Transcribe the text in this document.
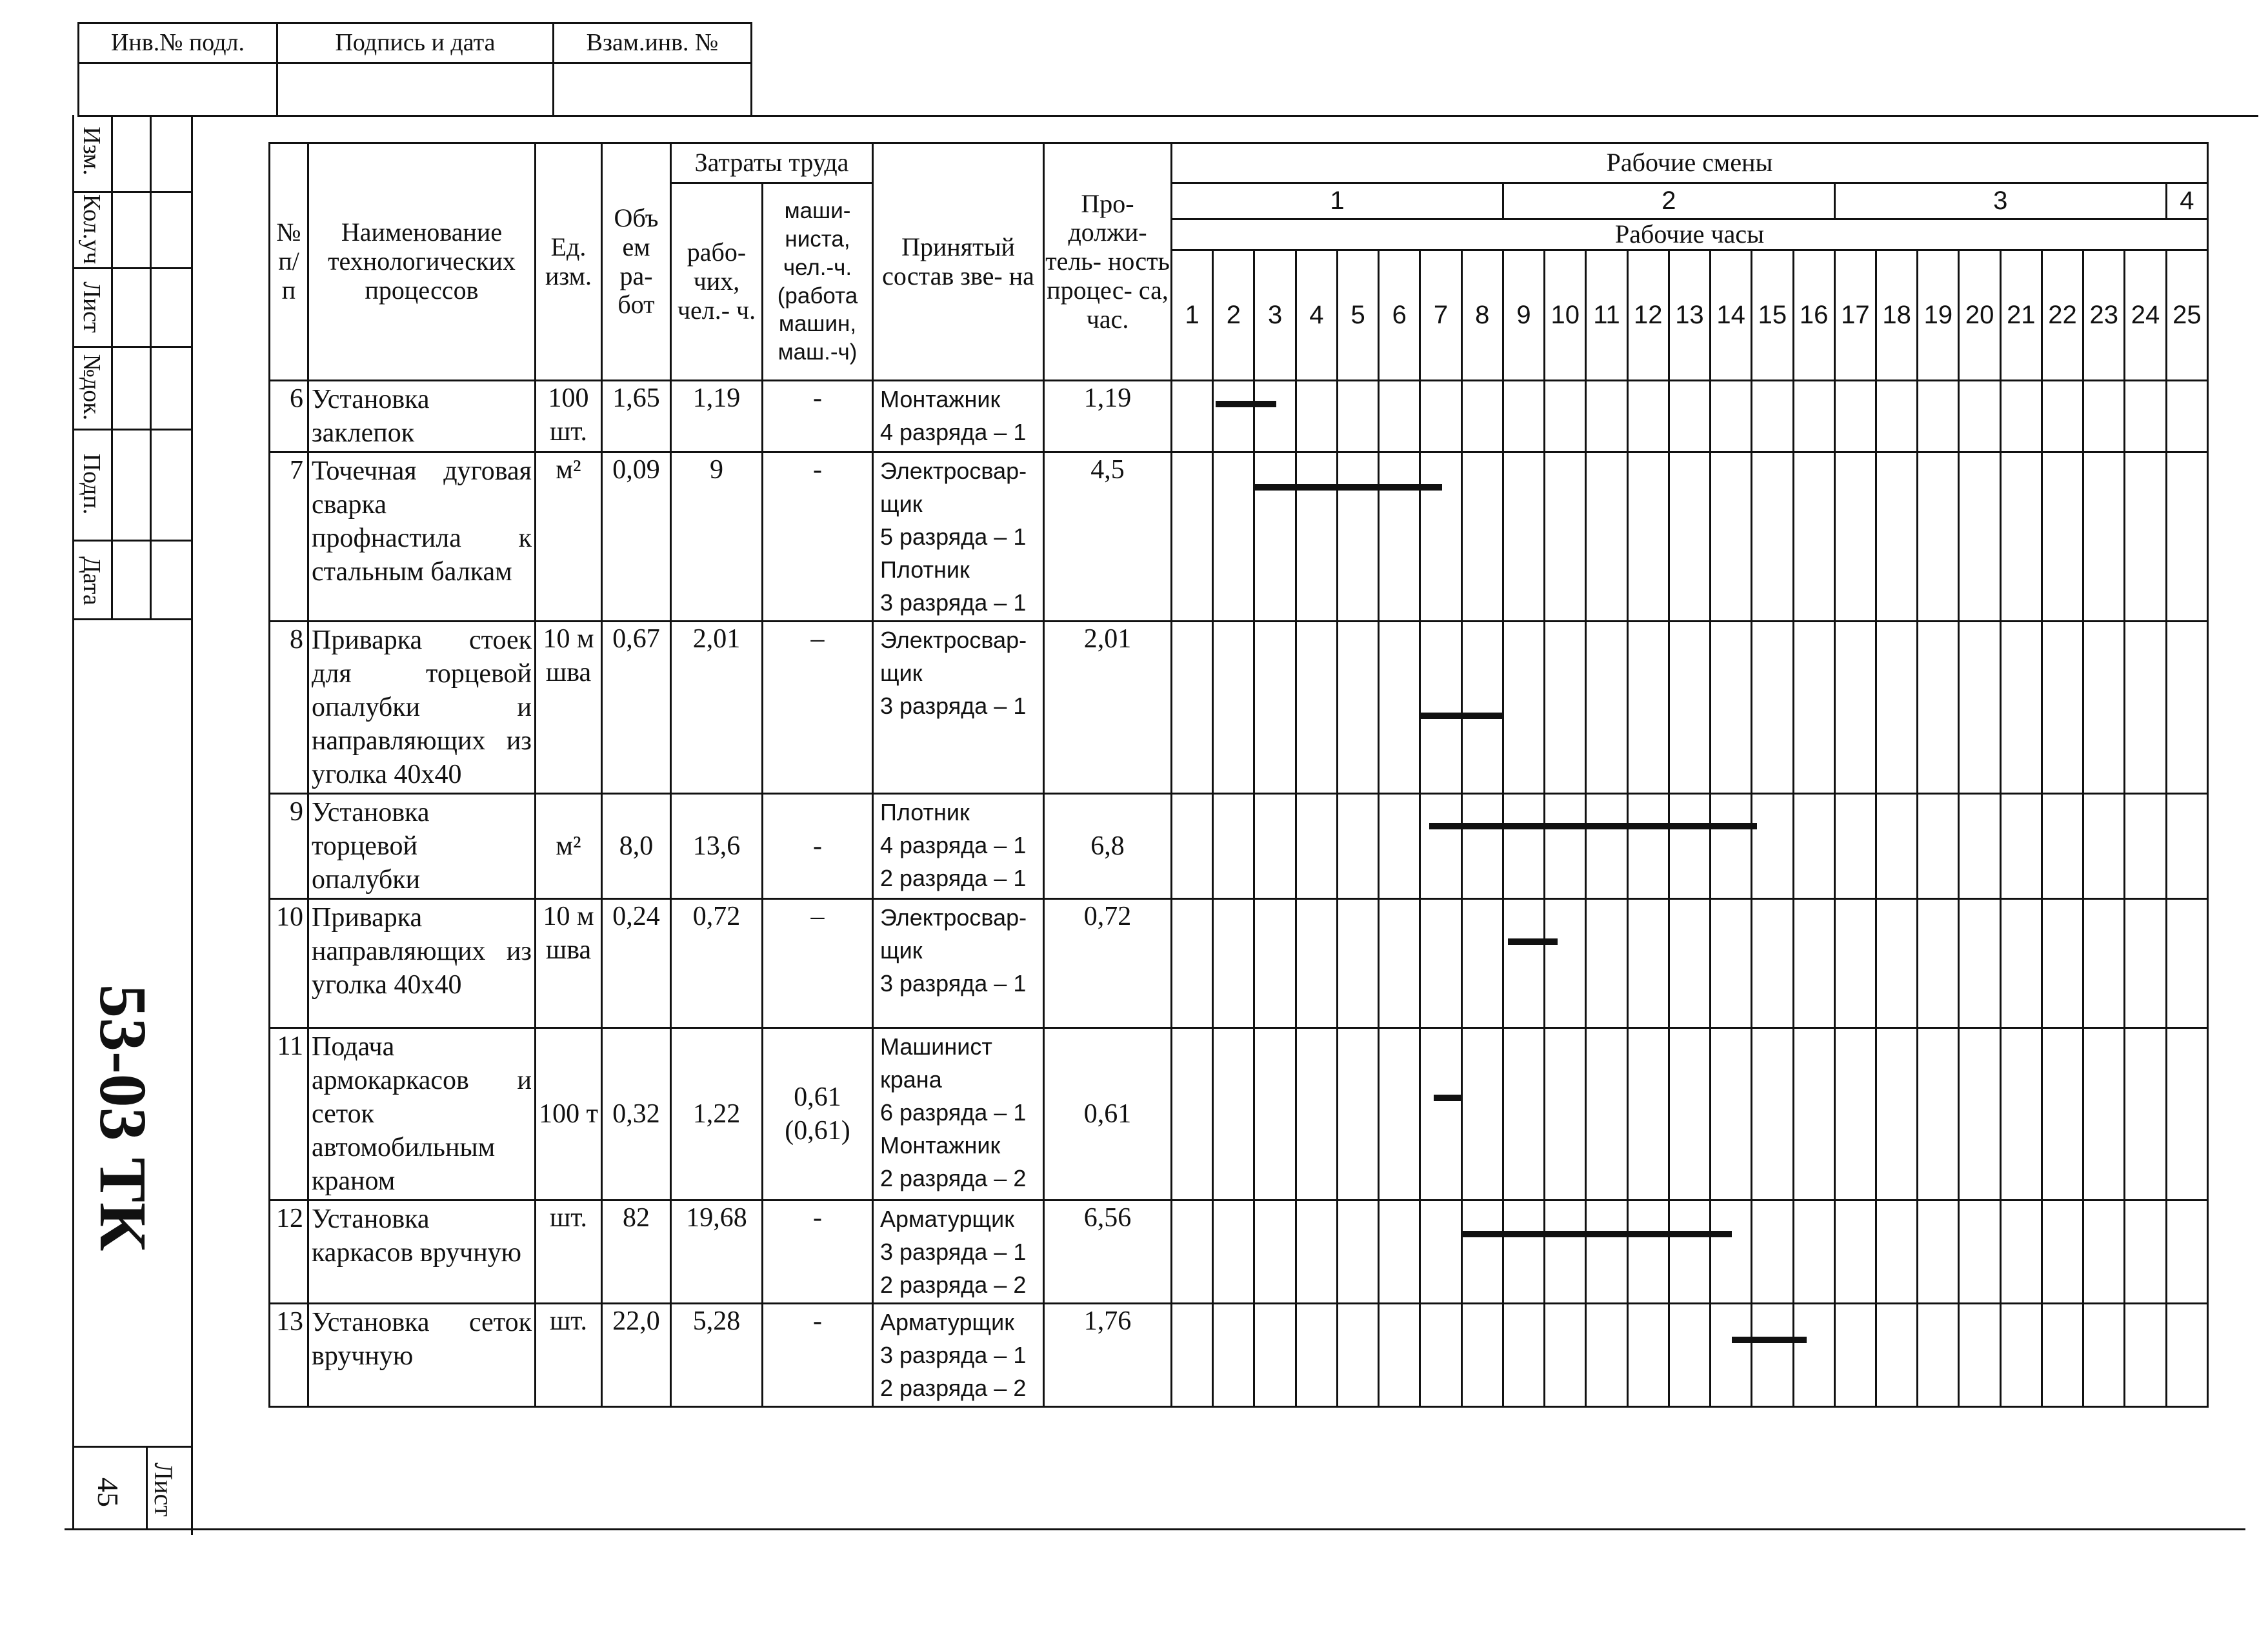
Инв.№ подл.	Подпись и дата	Взам.инв. №
Изм.
Кол.уч
Лист
№док.
Подп.
Дата
53-03 ТК
Лист
45
№ п/ п	Наименование технологических процессов	Ед. изм.	Объ ем ра- бот	Затраты труда		Принятый состав зве- на	Про- должи- тель- ность процес- са, час.	Рабочие смены																								
				рабо- чих, чел.- ч.	маши- ниста, чел.-ч. (работа машин, маш.-ч)			1								2								3								4
								Рабочие часы																								
								1	2	3	4	5	6	7	8	9	10	11	12	13	14	15	16	17	18	19	20	21	22	23	24	25
6	Установка заклепок	100 шт.	1,65	1,19	-	Монтажник
4 разряда – 1	1,19	

7	Точечная дуговая сварка профнастила к стальным балкам	м²	0,09	9	-	Электросвар-
щик
5 разряда – 1
Плотник
3 разряда – 1	4,5	

8	Приварка стоек для торцевой опалубки и направляющих из уголка 40х40	10 м шва	0,67	2,01	–	Электросвар-
щик
3 разряда – 1	2,01	

9	Установка торцевой опалубки	м²	8,0	13,6	-	Плотник
4 разряда – 1
2 разряда – 1	6,8	

10	Приварка направляющих из уголка 40х40	10 м шва	0,24	0,72	–	Электросвар-
щик
3 разряда – 1	0,72	

11	Подача армокаркасов и сеток автомобильным краном	100 т	0,32	1,22	0,61 (0,61)	Машинист
крана
6 разряда – 1
Монтажник
2 разряда – 2	0,61	

12	Установка каркасов вручную	шт.	82	19,68	-	Арматурщик
3 разряда – 1
2 разряда – 2	6,56	

13	Установка сеток вручную	шт.	22,0	5,28	-	Арматурщик
3 разряда – 1
2 разряда – 2	1,76	
